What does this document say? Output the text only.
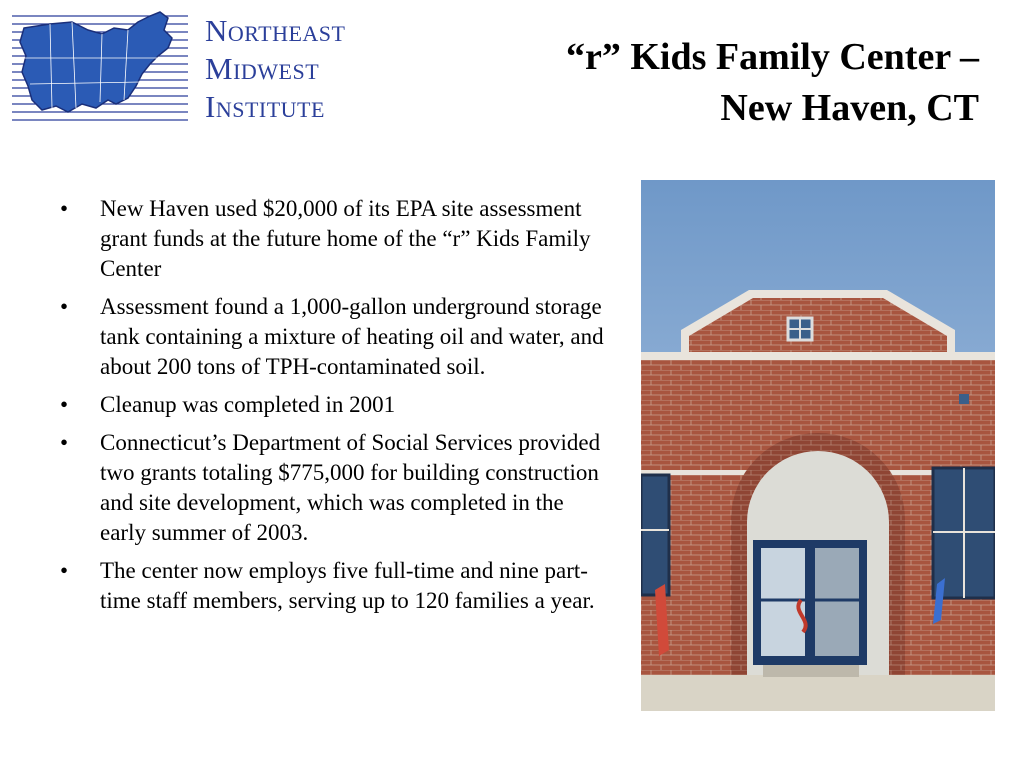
NORTHEAST
MIDWEST
INSTITUTE
“r” Kids Family Center –
New Haven, CT
• New Haven used $20,000 of its EPA site assessment grant funds at the future home of the “r” Kids Family Center
• Assessment found a 1,000-gallon underground storage tank containing a mixture of heating oil and water, and about 200 tons of TPH-contaminated soil.
• Cleanup was completed in 2001
• Connecticut’s Department of Social Services provided two grants totaling $775,000 for building construction and site development, which was completed in the early summer of 2003.
• The center now employs five full-time and nine part-time staff members, serving up to 120 families a year.
